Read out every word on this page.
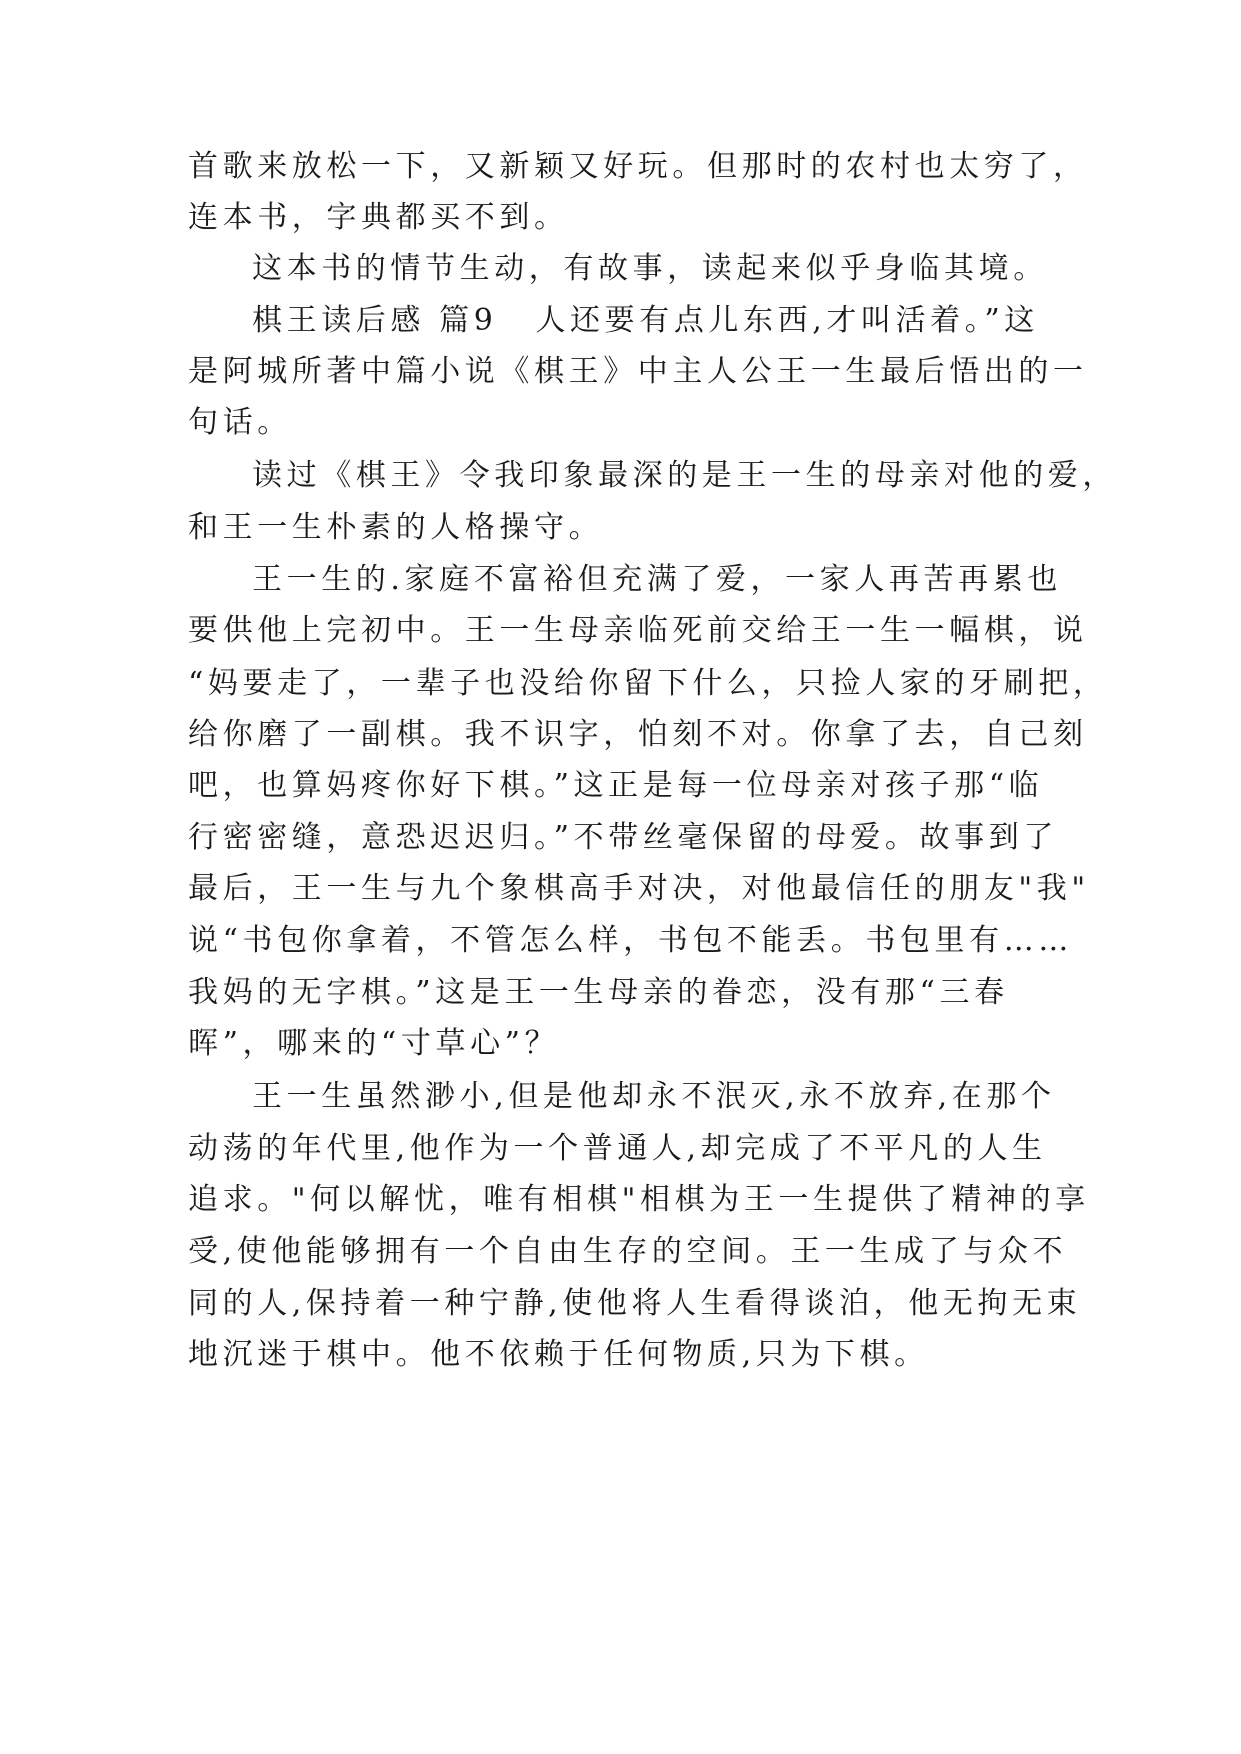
首歌来放松一下，又新颖又好玩。但那时的农村也太穷了，
连本书，字典都买不到。
这本书的情节生动，有故事，读起来似乎身临其境。
棋王读后感 篇9 人还要有点儿东西,才叫活着。”这
是阿城所著中篇小说《棋王》中主人公王一生最后悟出的一
句话。
读过《棋王》令我印象最深的是王一生的母亲对他的爱，
和王一生朴素的人格操守。
王一生的.家庭不富裕但充满了爱，一家人再苦再累也
要供他上完初中。王一生母亲临死前交给王一生一幅棋，说
“妈要走了，一辈子也没给你留下什么，只捡人家的牙刷把，
给你磨了一副棋。我不识字，怕刻不对。你拿了去，自己刻
吧，也算妈疼你好下棋。”这正是每一位母亲对孩子那“临
行密密缝，意恐迟迟归。”不带丝毫保留的母爱。故事到了
最后，王一生与九个象棋高手对决，对他最信任的朋友"我"
说“书包你拿着，不管怎么样，书包不能丢。书包里有……
我妈的无字棋。”这是王一生母亲的眷恋，没有那“三春
晖”，哪来的“寸草心”？
王一生虽然渺小,但是他却永不泯灭,永不放弃,在那个
动荡的年代里,他作为一个普通人,却完成了不平凡的人生
追求。"何以解忧，唯有相棋"相棋为王一生提供了精神的享
受,使他能够拥有一个自由生存的空间。王一生成了与众不
同的人,保持着一种宁静,使他将人生看得谈泊，他无拘无束
地沉迷于棋中。他不依赖于任何物质,只为下棋。
